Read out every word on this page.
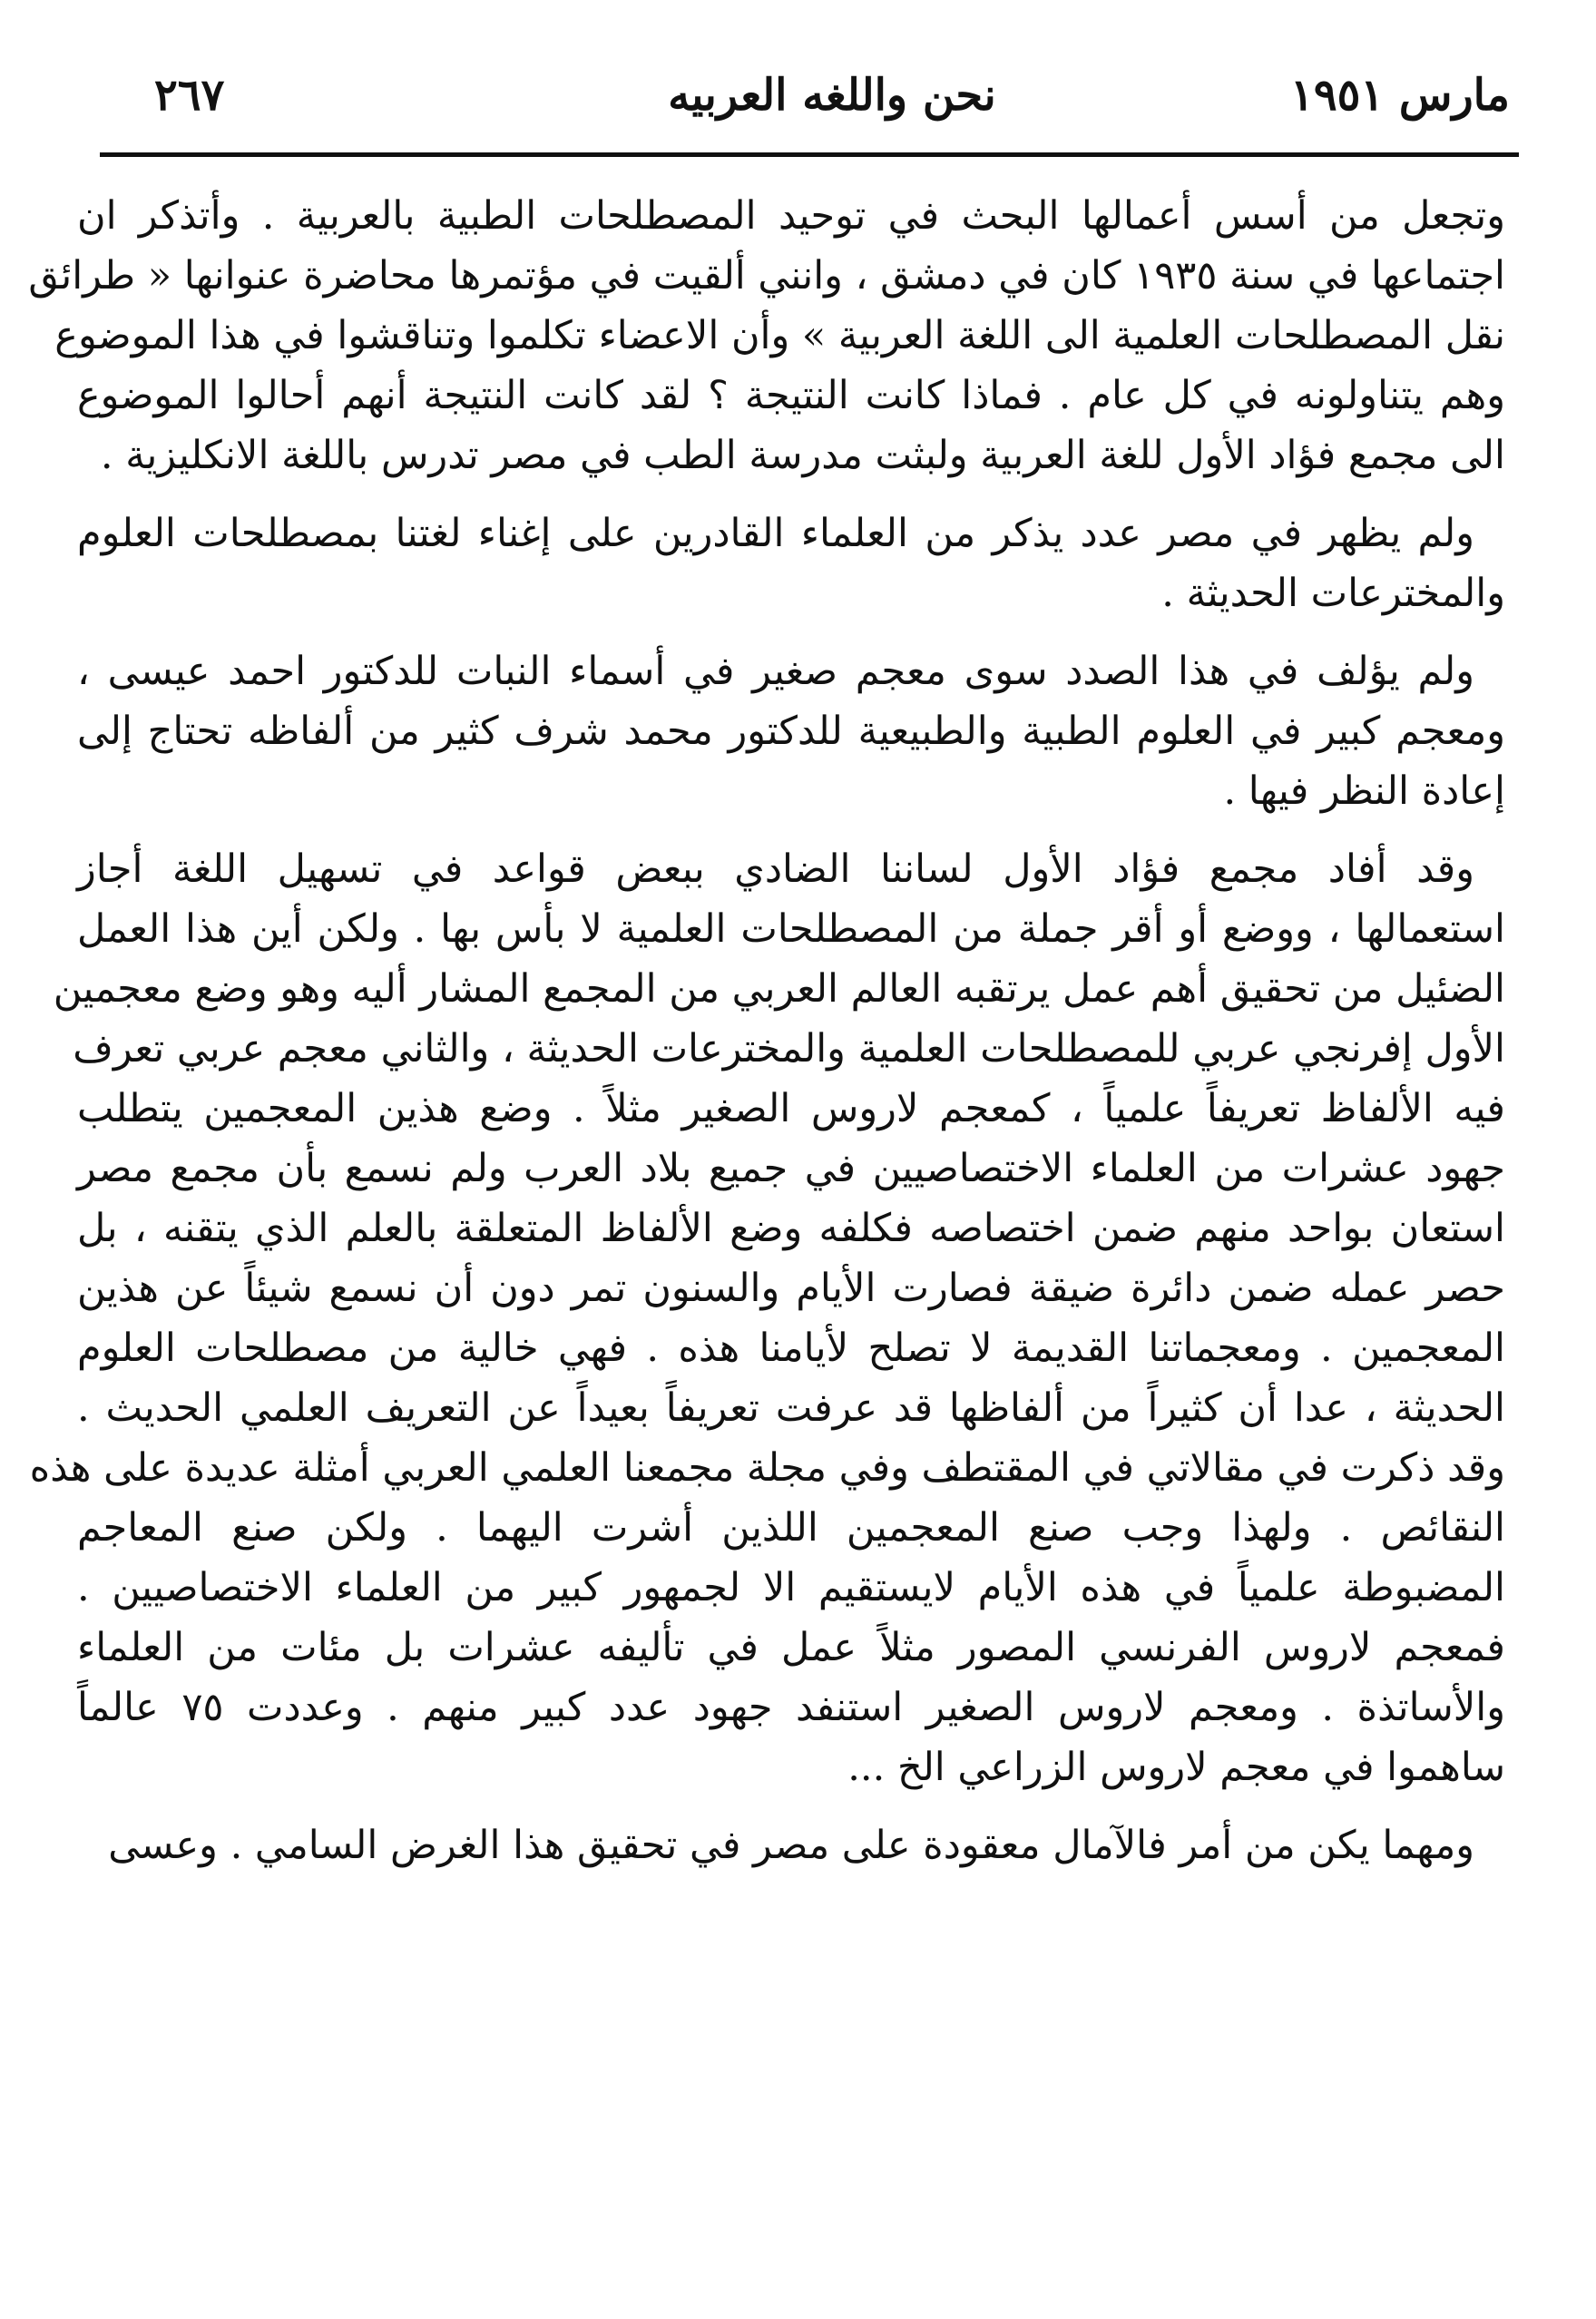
مارس ١٩٥١
نحن واللغه العربيه
٢٦٧
وتجعل من أسس أعمالها البحث في توحيد المصطلحات الطبية بالعربية . وأتذكر ان
اجتماعها في سنة ١٩٣٥ كان في دمشق ، وانني ألقيت في مؤتمرها محاضرة عنوانها « طرائق
نقل المصطلحات العلمية الى اللغة العربية » وأن الاعضاء تكلموا وتناقشوا في هذا الموضوع
وهم يتناولونه في كل عام . فماذا كانت النتيجة ؟ لقد كانت النتيجة أنهم أحالوا الموضوع
الى مجمع فؤاد الأول للغة العربية ولبثت مدرسة الطب في مصر تدرس باللغة الانكليزية .
ولم يظهر في مصر عدد يذكر من العلماء القادرين على إغناء لغتنا بمصطلحات العلوم
والمخترعات الحديثة .
ولم يؤلف في هذا الصدد سوى معجم صغير في أسماء النبات للدكتور احمد عيسى ،
ومعجم كبير في العلوم الطبية والطبيعية للدكتور محمد شرف كثير من ألفاظه تحتاج إلى
إعادة النظر فيها .
وقد أفاد مجمع فؤاد الأول لساننا الضادي ببعض قواعد في تسهيل اللغة أجاز
استعمالها ، ووضع أو أقر جملة من المصطلحات العلمية لا بأس بها . ولكن أين هذا العمل
الضئيل من تحقيق أهم عمل يرتقبه العالم العربي من المجمع المشار أليه وهو وضع معجمين
الأول إفرنجي عربي للمصطلحات العلمية والمخترعات الحديثة ، والثاني معجم عربي تعرف
فيه الألفاظ تعريفاً علمياً ، كمعجم لاروس الصغير مثلاً . وضع هذين المعجمين يتطلب
جهود عشرات من العلماء الاختصاصيين في جميع بلاد العرب ولم نسمع بأن مجمع مصر
استعان بواحد منهم ضمن اختصاصه فكلفه وضع الألفاظ المتعلقة بالعلم الذي يتقنه ، بل
حصر عمله ضمن دائرة ضيقة فصارت الأيام والسنون تمر دون أن نسمع شيئاً عن هذين
المعجمين . ومعجماتنا القديمة لا تصلح لأيامنا هذه . فهي خالية من مصطلحات العلوم
الحديثة ، عدا أن كثيراً من ألفاظها قد عرفت تعريفاً بعيداً عن التعريف العلمي الحديث .
وقد ذكرت في مقالاتي في المقتطف وفي مجلة مجمعنا العلمي العربي أمثلة عديدة على هذه
النقائص . ولهذا وجب صنع المعجمين اللذين أشرت اليهما . ولكن صنع المعاجم
المضبوطة علمياً في هذه الأيام لايستقيم الا لجمهور كبير من العلماء الاختصاصيين .
فمعجم لاروس الفرنسي المصور مثلاً عمل في تأليفه عشرات بل مئات من العلماء
والأساتذة . ومعجم لاروس الصغير استنفد جهود عدد كبير منهم . وعددت ٧٥ عالماً
ساهموا في معجم لاروس الزراعي الخ ...
ومهما يكن من أمر فالآمال معقودة على مصر في تحقيق هذا الغرض السامي . وعسى
